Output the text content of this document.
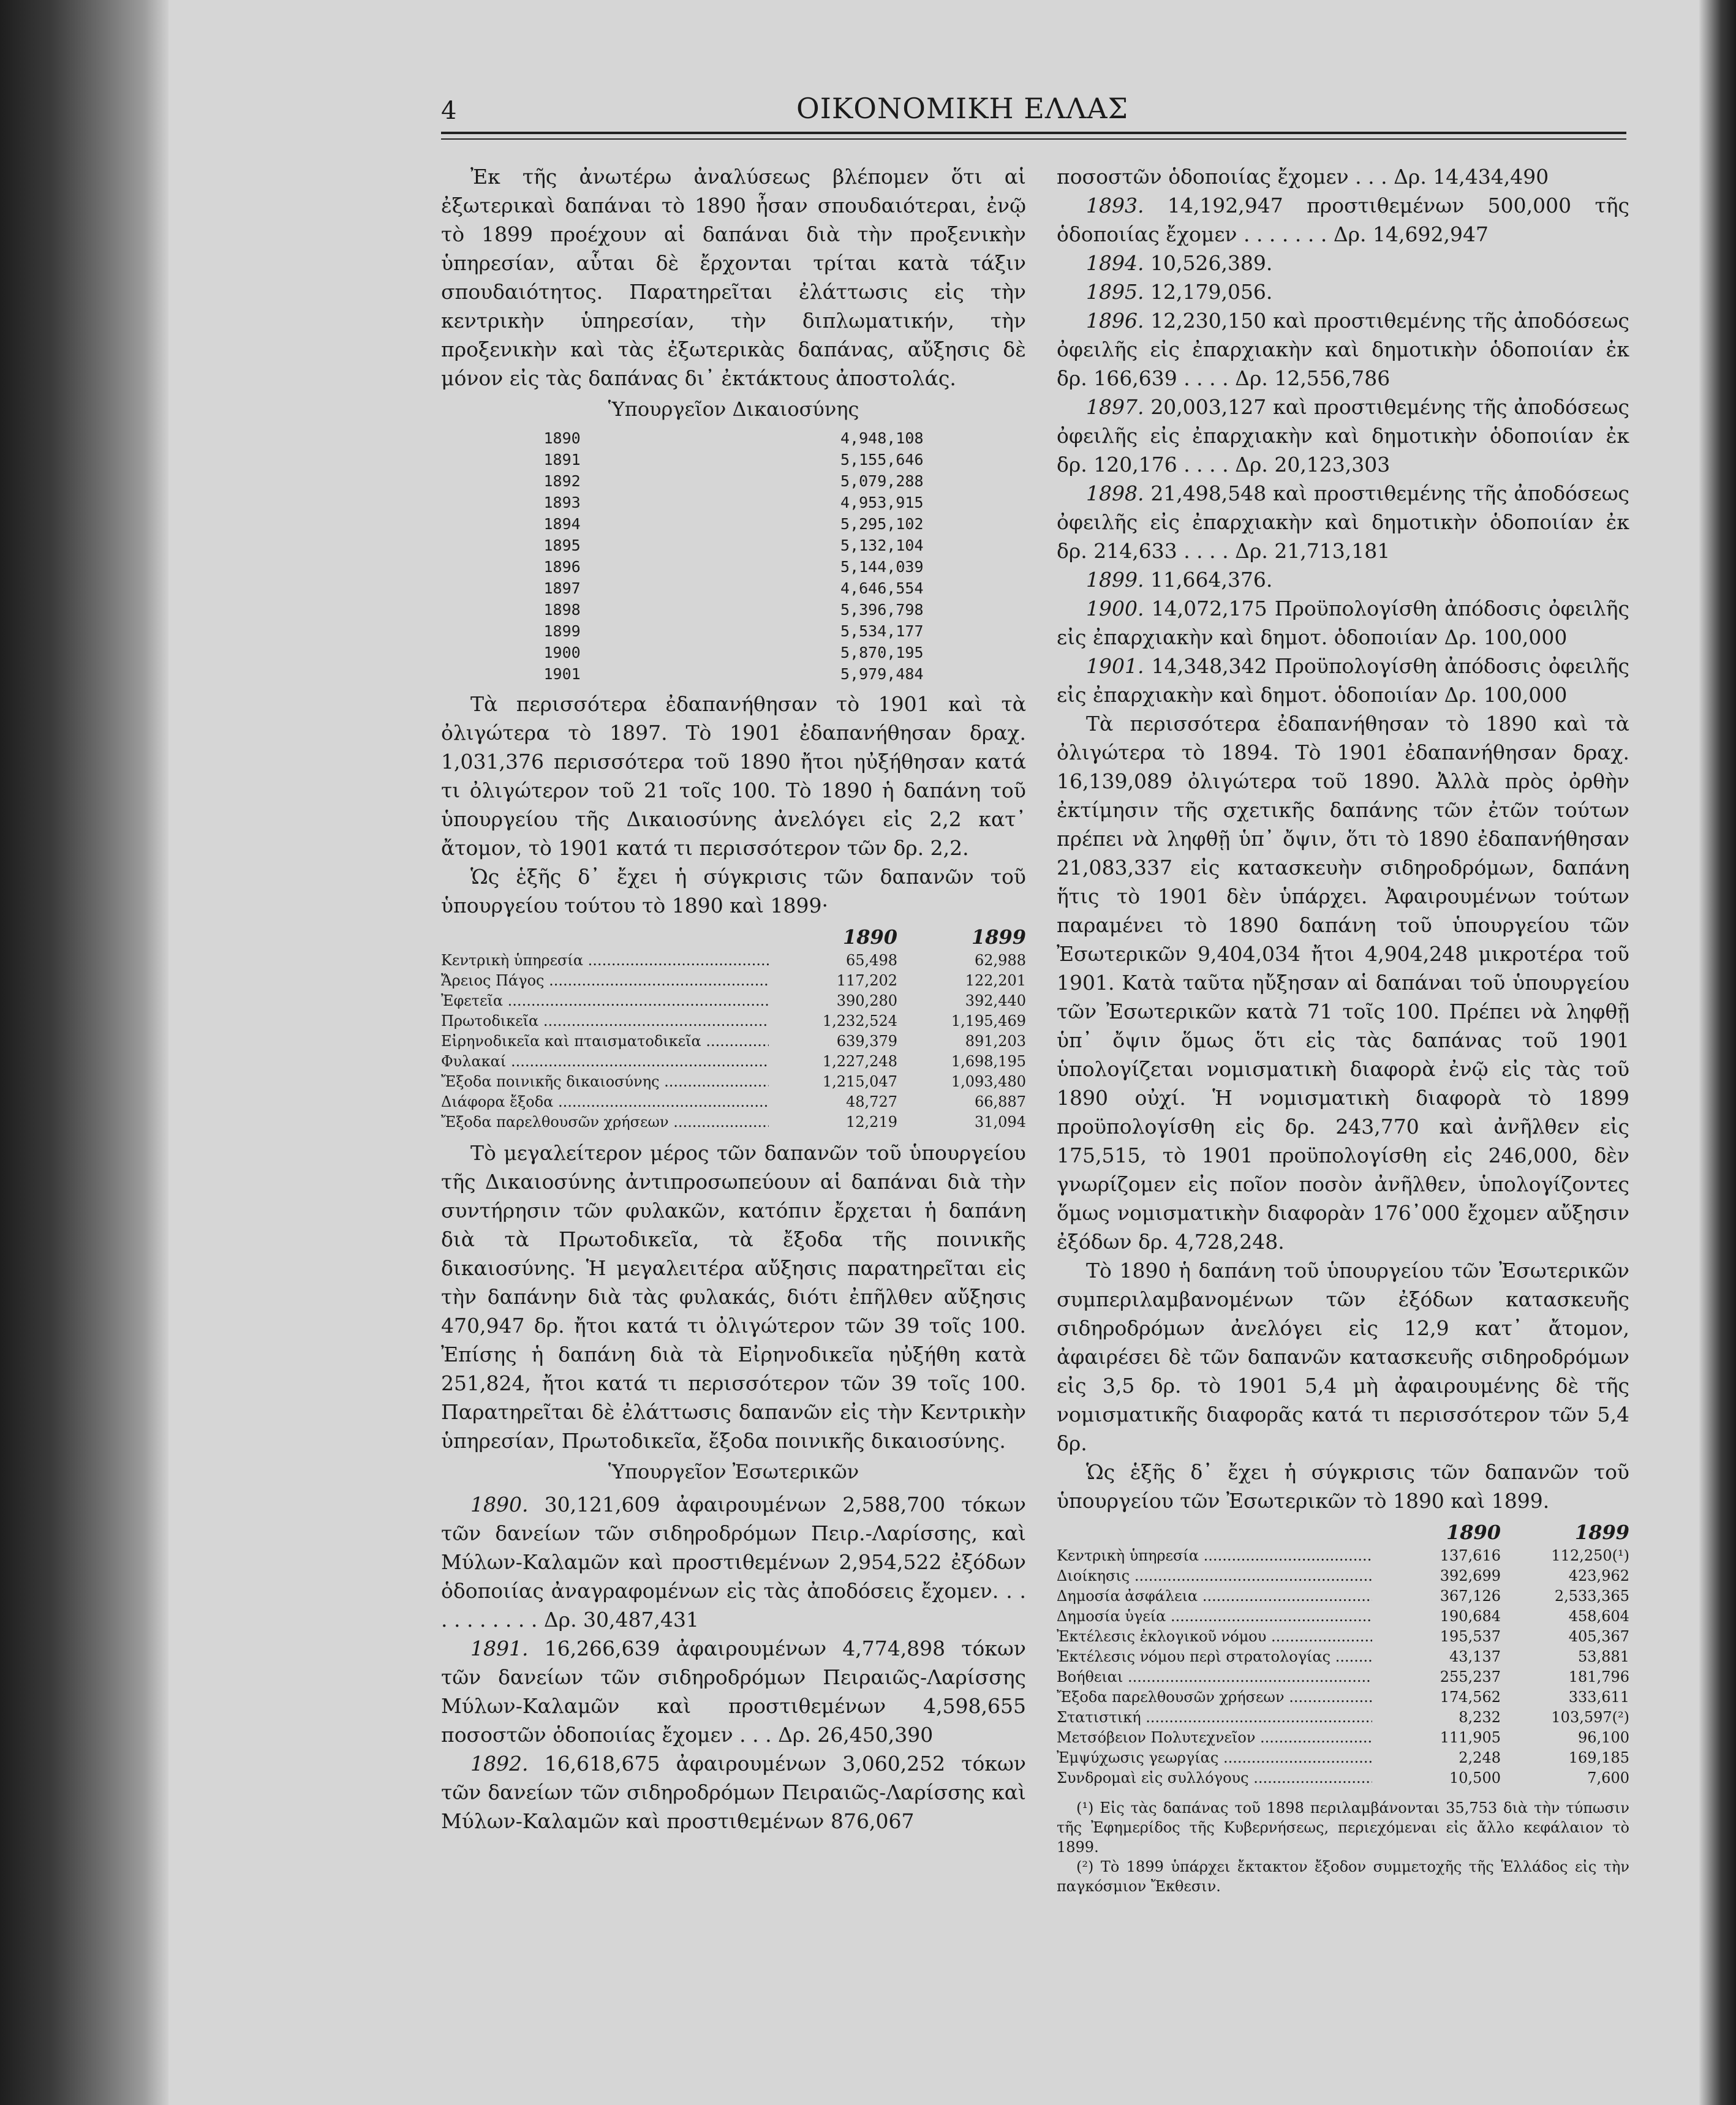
4	ΟΙΚΟΝΟΜΙΚΗ ΕΛΛΑΣ

Ἐκ τῆς ἀνωτέρω ἀναλύσεως βλέπομεν ὅτι αἱ ἐξωτερικαὶ δαπάναι τὸ 1890 ἦσαν σπουδαιότεραι, ἐνῷ τὸ 1899 προέχουν αἱ δαπάναι διὰ τὴν προξενικὴν ὑπηρεσίαν, αὗται δὲ ἔρχονται τρίται κατὰ τάξιν σπουδαιότητος. Παρατηρεῖται ἐλάττωσις εἰς τὴν κεντρικὴν ὑπηρεσίαν, τὴν διπλωματικήν, τὴν προξενικὴν καὶ τὰς ἐξωτερικὰς δαπάνας, αὔξησις δὲ μόνον εἰς τὰς δαπάνας δι᾽ ἐκτάκτους ἀποστολάς.

Ὑπουργεῖον Δικαιοσύνης
1890	4,948,108
1891	5,155,646
1892	5,079,288
1893	4,953,915
1894	5,295,102
1895	5,132,104
1896	5,144,039
1897	4,646,554
1898	5,396,798
1899	5,534,177
1900	5,870,195
1901	5,979,484

Τὰ περισσότερα ἐδαπανήθησαν τὸ 1901 καὶ τὰ ὀλιγώτερα τὸ 1897. Τὸ 1901 ἐδαπανήθησαν δραχ. 1,031,376 περισσότερα τοῦ 1890 ἤτοι ηὐξήθησαν κατά τι ὀλιγώτερον τοῦ 21 τοῖς 100. Τὸ 1890 ἡ δαπάνη τοῦ ὑπουργείου τῆς Δικαιοσύνης ἀνελόγει εἰς 2,2 κατ᾽ ἄτομον, τὸ 1901 κατά τι περισσότερον τῶν δρ. 2,2.

Ὡς ἑξῆς δ᾽ ἔχει ἡ σύγκρισις τῶν δαπανῶν τοῦ ὑπουργείου τούτου τὸ 1890 καὶ 1899·

1890	1899
Κεντρικὴ ὑπηρεσία .....	65,498	62,988
Ἄρειος Πάγος .....	117,202	122,201
Ἐφετεῖα .....	390,280	392,440
Πρωτοδικεῖα .....	1,232,524	1,195,469
Εἰρηνοδικεῖα καὶ πταισματοδικεῖα .....	639,379	891,203
Φυλακαί .....	1,227,248	1,698,195
Ἔξοδα ποινικῆς δικαιοσύνης .....	1,215,047	1,093,480
Διάφορα ἔξοδα .....	48,727	66,887
Ἔξοδα παρελθουσῶν χρήσεων .....	12,219	31,094

Τὸ μεγαλείτερον μέρος τῶν δαπανῶν τοῦ ὑπουργείου τῆς Δικαιοσύνης ἀντιπροσωπεύουν αἱ δαπάναι διὰ τὴν συντήρησιν τῶν φυλακῶν, κατόπιν ἔρχεται ἡ δαπάνη διὰ τὰ Πρωτοδικεῖα, τὰ ἔξοδα τῆς ποινικῆς δικαιοσύνης. Ἡ μεγαλειτέρα αὔξησις παρατηρεῖται εἰς τὴν δαπάνην διὰ τὰς φυλακάς, διότι ἐπῆλθεν αὔξησις 470,947 δρ. ἤτοι κατά τι ὀλιγώτερον τῶν 39 τοῖς 100. Ἐπίσης ἡ δαπάνη διὰ τὰ Εἰρηνοδικεῖα ηὐξήθη κατὰ 251,824, ἤτοι κατά τι περισσότερον τῶν 39 τοῖς 100. Παρατηρεῖται δὲ ἐλάττωσις δαπανῶν εἰς τὴν Κεντρικὴν ὑπηρεσίαν, Πρωτοδικεῖα, ἔξοδα ποινικῆς δικαιοσύνης.

Ὑπουργεῖον Ἐσωτερικῶν

1890. 30,121,609 ἀφαιρουμένων 2,588,700 τόκων τῶν δανείων τῶν σιδηροδρόμων Πειρ.-Λαρίσσης, καὶ Μύλων-Καλαμῶν καὶ προστιθεμένων 2,954,522 ἐξόδων ὁδοποιίας ἀναγραφομένων εἰς τὰς ἀποδόσεις ἔχομεν. . . . . . . . . . . Δρ. 30,487,431

1891. 16,266,639 ἀφαιρουμένων 4,774,898 τόκων τῶν δανείων τῶν σιδηροδρόμων Πειραιῶς-Λαρίσσης Μύλων-Καλαμῶν καὶ προστιθεμένων 4,598,655 ποσοστῶν ὁδοποιίας ἔχομεν . . . Δρ. 26,450,390

1892. 16,618,675 ἀφαιρουμένων 3,060,252 τόκων τῶν δανείων τῶν σιδηροδρόμων Πειραιῶς-Λαρίσσης καὶ Μύλων-Καλαμῶν καὶ προστιθεμένων 876,067

ποσοστῶν ὁδοποιίας ἔχομεν . . . Δρ. 14,434,490

1893. 14,192,947 προστιθεμένων 500,000 τῆς ὁδοποιίας ἔχομεν . . . . . . . Δρ. 14,692,947

1894. 10,526,389.

1895. 12,179,056.

1896. 12,230,150 καὶ προστιθεμένης τῆς ἀποδόσεως ὀφειλῆς εἰς ἐπαρχιακὴν καὶ δημοτικὴν ὁδοποιίαν ἐκ δρ. 166,639 . . . . Δρ. 12,556,786

1897. 20,003,127 καὶ προστιθεμένης τῆς ἀποδόσεως ὀφειλῆς εἰς ἐπαρχιακὴν καὶ δημοτικὴν ὁδοποιίαν ἐκ δρ. 120,176 . . . . Δρ. 20,123,303

1898. 21,498,548 καὶ προστιθεμένης τῆς ἀποδόσεως ὀφειλῆς εἰς ἐπαρχιακὴν καὶ δημοτικὴν ὁδοποιίαν ἐκ δρ. 214,633 . . . . Δρ. 21,713,181

1899. 11,664,376.

1900. 14,072,175 Προϋπολογίσθη ἀπόδοσις ὀφειλῆς εἰς ἐπαρχιακὴν καὶ δημοτ. ὁδοποιίαν Δρ. 100,000

1901. 14,348,342 Προϋπολογίσθη ἀπόδοσις ὀφειλῆς εἰς ἐπαρχιακὴν καὶ δημοτ. ὁδοποιίαν Δρ. 100,000

Τὰ περισσότερα ἐδαπανήθησαν τὸ 1890 καὶ τὰ ὀλιγώτερα τὸ 1894. Τὸ 1901 ἐδαπανήθησαν δραχ. 16,139,089 ὀλιγώτερα τοῦ 1890. Ἀλλὰ πρὸς ὀρθὴν ἐκτίμησιν τῆς σχετικῆς δαπάνης τῶν ἐτῶν τούτων πρέπει νὰ ληφθῇ ὑπ᾽ ὄψιν, ὅτι τὸ 1890 ἐδαπανήθησαν 21,083,337 εἰς κατασκευὴν σιδηροδρόμων, δαπάνη ἥτις τὸ 1901 δὲν ὑπάρχει. Ἀφαιρουμένων τούτων παραμένει τὸ 1890 δαπάνη τοῦ ὑπουργείου τῶν Ἐσωτερικῶν 9,404,034 ἤτοι 4,904,248 μικροτέρα τοῦ 1901. Κατὰ ταῦτα ηὔξησαν αἱ δαπάναι τοῦ ὑπουργείου τῶν Ἐσωτερικῶν κατὰ 71 τοῖς 100. Πρέπει νὰ ληφθῇ ὑπ᾽ ὄψιν ὅμως ὅτι εἰς τὰς δαπάνας τοῦ 1901 ὑπολογίζεται νομισματικὴ διαφορὰ ἐνῷ εἰς τὰς τοῦ 1890 οὐχί. Ἡ νομισματικὴ διαφορὰ τὸ 1899 προϋπολογίσθη εἰς δρ. 243,770 καὶ ἀνῆλθεν εἰς 175,515, τὸ 1901 προϋπολογίσθη εἰς 246,000, δὲν γνωρίζομεν εἰς ποῖον ποσὸν ἀνῆλθεν, ὑπολογίζοντες ὅμως νομισματικὴν διαφορὰν 176᾽000 ἔχομεν αὔξησιν ἐξόδων δρ. 4,728,248.

Τὸ 1890 ἡ δαπάνη τοῦ ὑπουργείου τῶν Ἐσωτερικῶν συμπεριλαμβανομένων τῶν ἐξόδων κατασκευῆς σιδηροδρόμων ἀνελόγει εἰς 12,9 κατ᾽ ἄτομον, ἀφαιρέσει δὲ τῶν δαπανῶν κατασκευῆς σιδηροδρόμων εἰς 3,5 δρ. τὸ 1901 5,4 μὴ ἀφαιρουμένης δὲ τῆς νομισματικῆς διαφορᾶς κατά τι περισσότερον τῶν 5,4 δρ.

Ὡς ἑξῆς δ᾽ ἔχει ἡ σύγκρισις τῶν δαπανῶν τοῦ ὑπουργείου τῶν Ἐσωτερικῶν τὸ 1890 καὶ 1899.

1890	1899
Κεντρικὴ ὑπηρεσία .....	137,616	112,250(¹)
Διοίκησις .....	392,699	423,962
Δημοσία ἀσφάλεια .....	367,126	2,533,365
Δημοσία ὑγεία .....	190,684	458,604
Ἐκτέλεσις ἐκλογικοῦ νόμου .....	195,537	405,367
Ἐκτέλεσις νόμου περὶ στρατολογίας .....	43,137	53,881
Βοήθειαι .....	255,237	181,796
Ἔξοδα παρελθουσῶν χρήσεων .....	174,562	333,611
Στατιστική .....	8,232	103,597(²)
Μετσόβειον Πολυτεχνεῖον .....	111,905	96,100
Ἐμψύχωσις γεωργίας .....	2,248	169,185
Συνδρομαὶ εἰς συλλόγους .....	10,500	7,600

(¹) Εἰς τὰς δαπάνας τοῦ 1898 περιλαμβάνονται 35,753 διὰ τὴν τύπωσιν τῆς Ἐφημερίδος τῆς Κυβερνήσεως, περιεχόμεναι εἰς ἄλλο κεφάλαιον τὸ 1899.

(²) Τὸ 1899 ὑπάρχει ἔκτακτον ἔξοδον συμμετοχῆς τῆς Ἑλλάδος εἰς τὴν παγκόσμιον Ἔκθεσιν.
